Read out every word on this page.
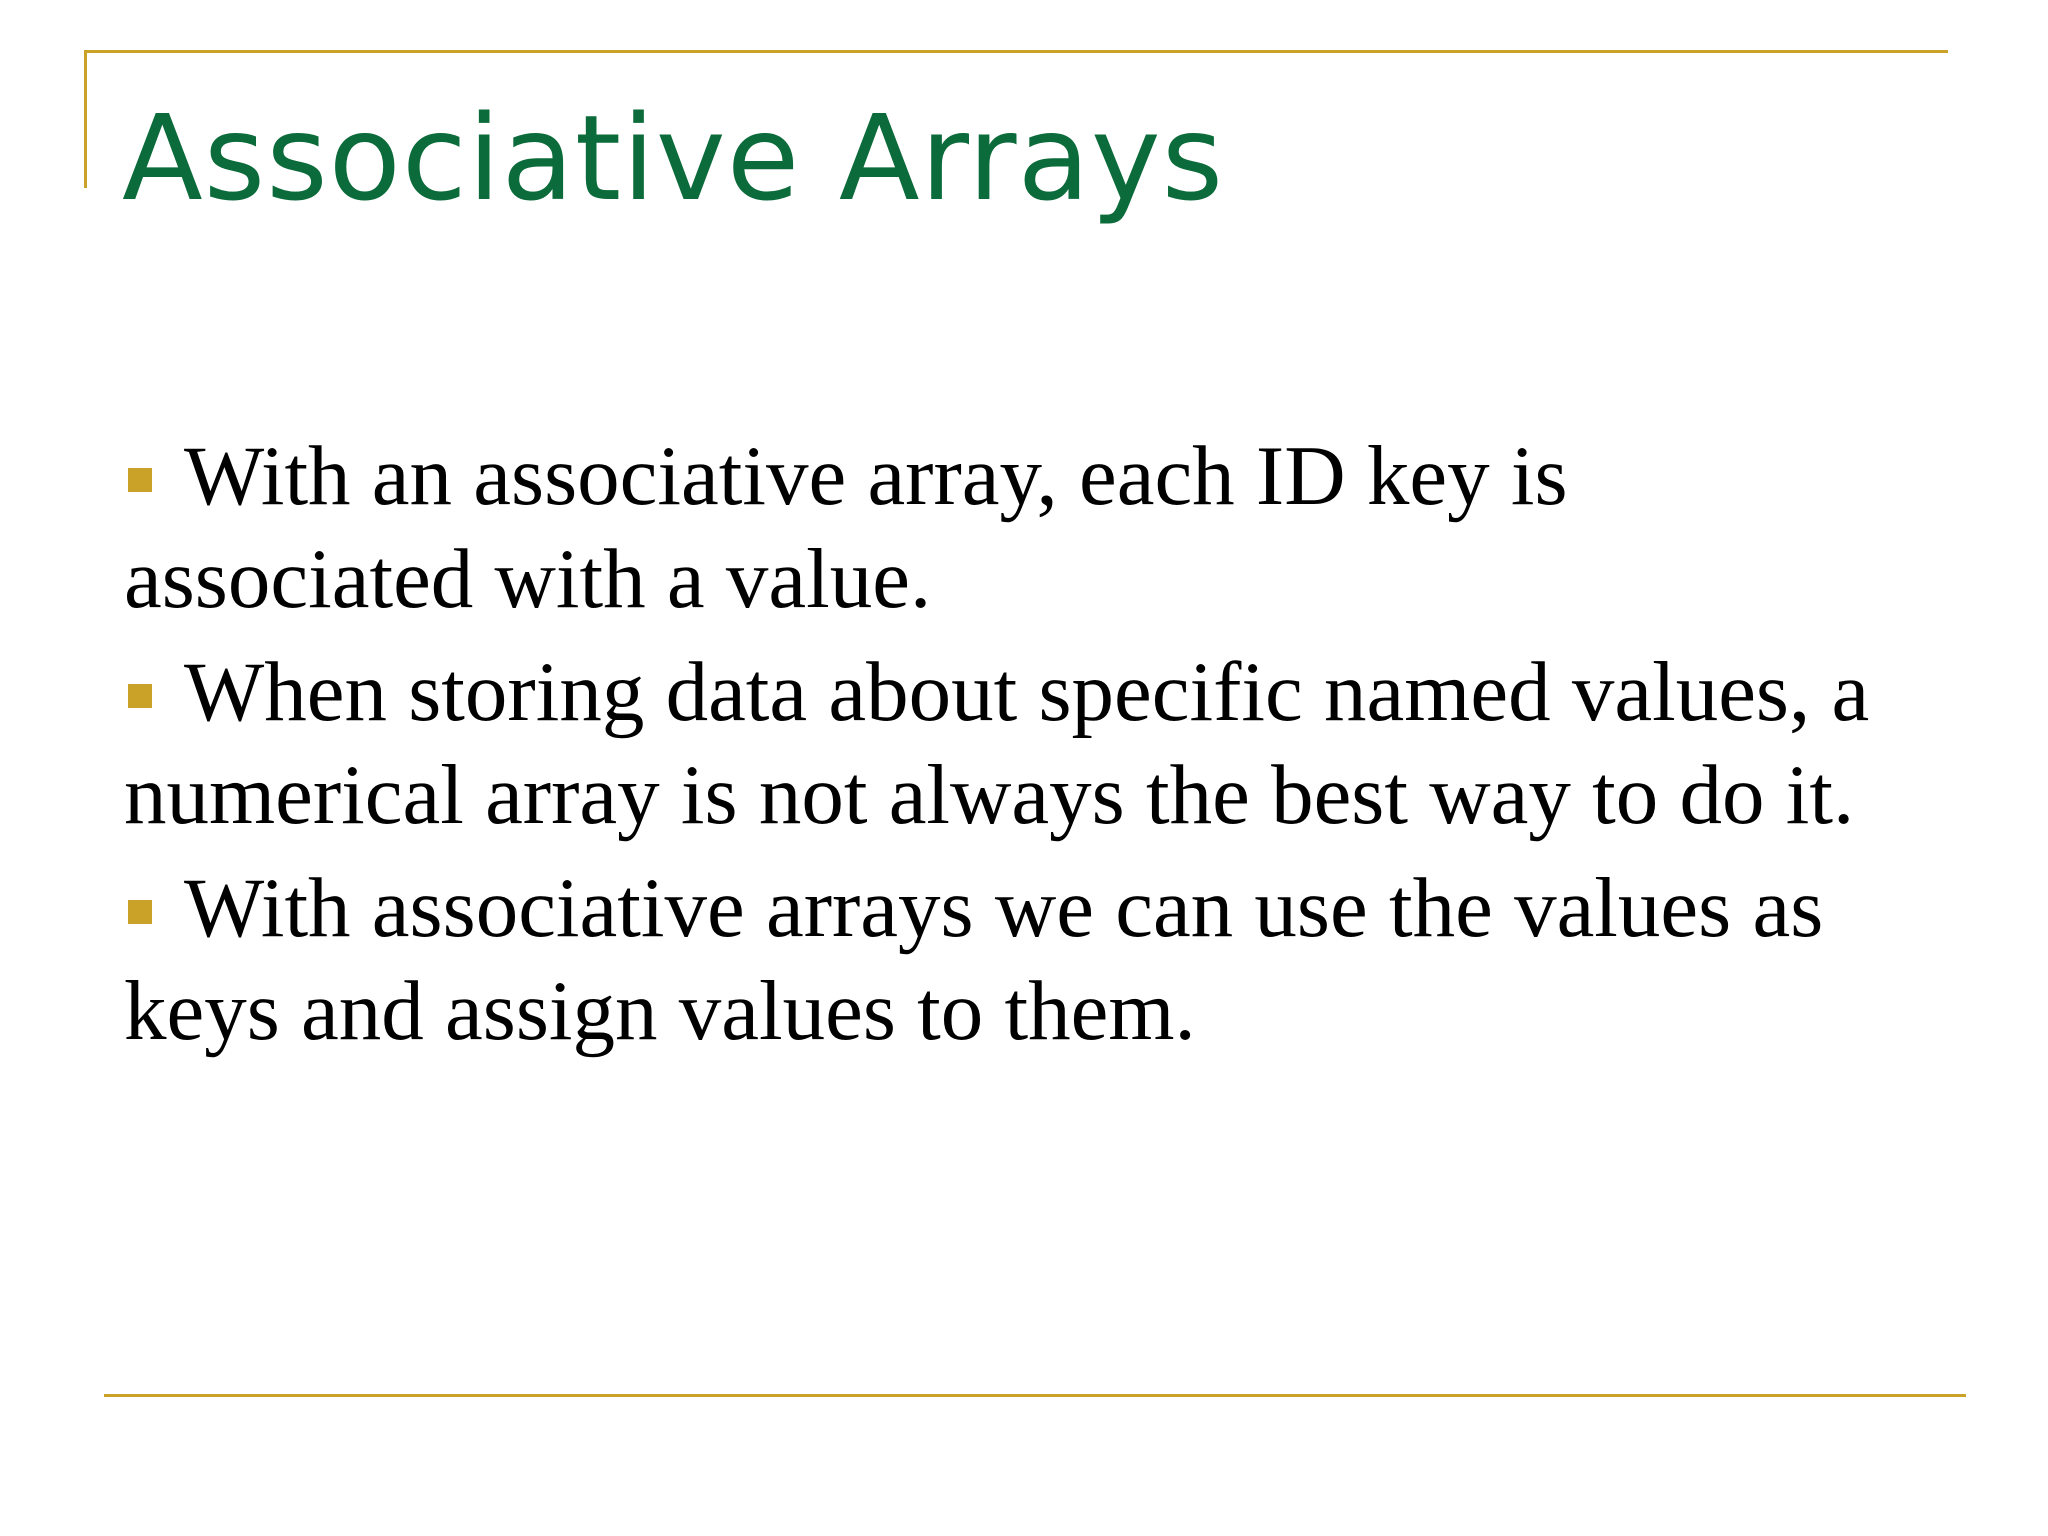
Associative Arrays
With an associative array, each ID key is associated with a value.
When storing data about specific named values, a numerical array is not always the best way to do it.
With associative arrays we can use the values as keys and assign values to them.
